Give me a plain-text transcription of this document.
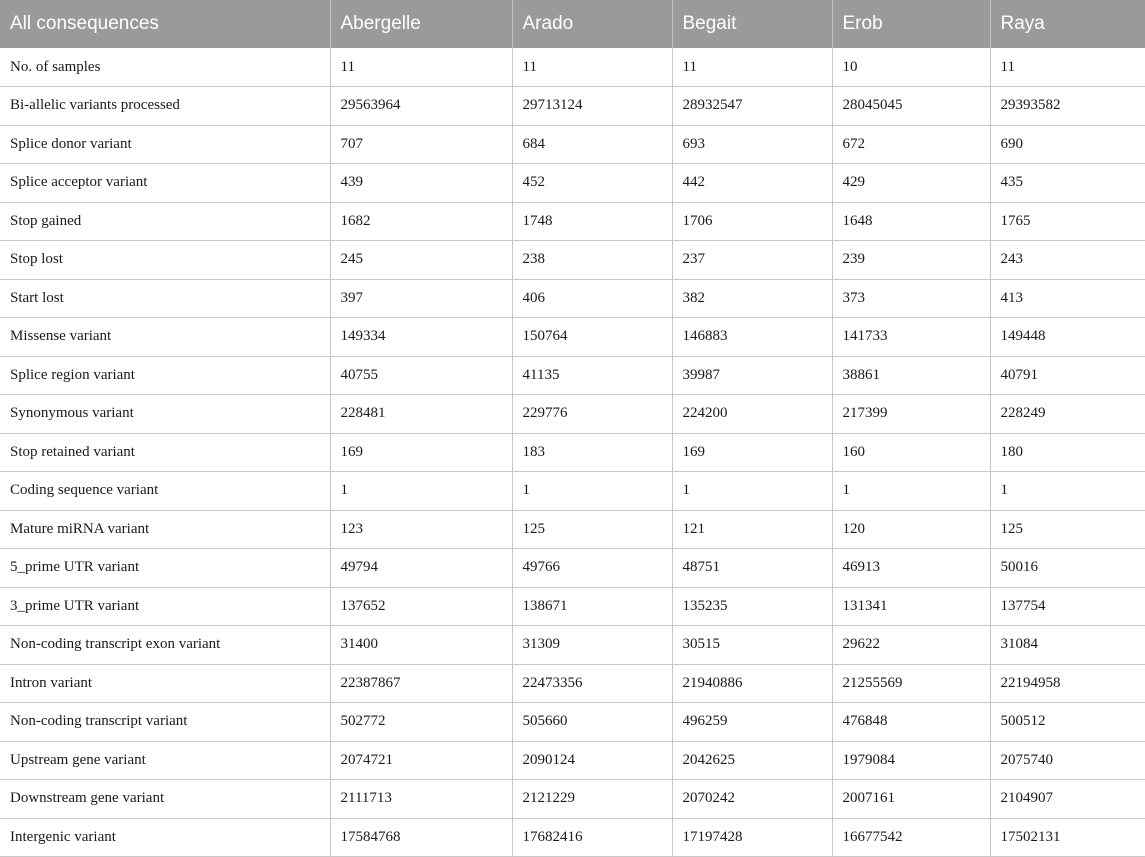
All consequences	Abergelle	Arado	Begait	Erob	Raya
No. of samples	11	11	11	10	11
Bi-allelic variants processed	29563964	29713124	28932547	28045045	29393582
Splice donor variant	707	684	693	672	690
Splice acceptor variant	439	452	442	429	435
Stop gained	1682	1748	1706	1648	1765
Stop lost	245	238	237	239	243
Start lost	397	406	382	373	413
Missense variant	149334	150764	146883	141733	149448
Splice region variant	40755	41135	39987	38861	40791
Synonymous variant	228481	229776	224200	217399	228249
Stop retained variant	169	183	169	160	180
Coding sequence variant	1	1	1	1	1
Mature miRNA variant	123	125	121	120	125
5_prime UTR variant	49794	49766	48751	46913	50016
3_prime UTR variant	137652	138671	135235	131341	137754
Non-coding transcript exon variant	31400	31309	30515	29622	31084
Intron variant	22387867	22473356	21940886	21255569	22194958
Non-coding transcript variant	502772	505660	496259	476848	500512
Upstream gene variant	2074721	2090124	2042625	1979084	2075740
Downstream gene variant	2111713	2121229	2070242	2007161	2104907
Intergenic variant	17584768	17682416	17197428	16677542	17502131
